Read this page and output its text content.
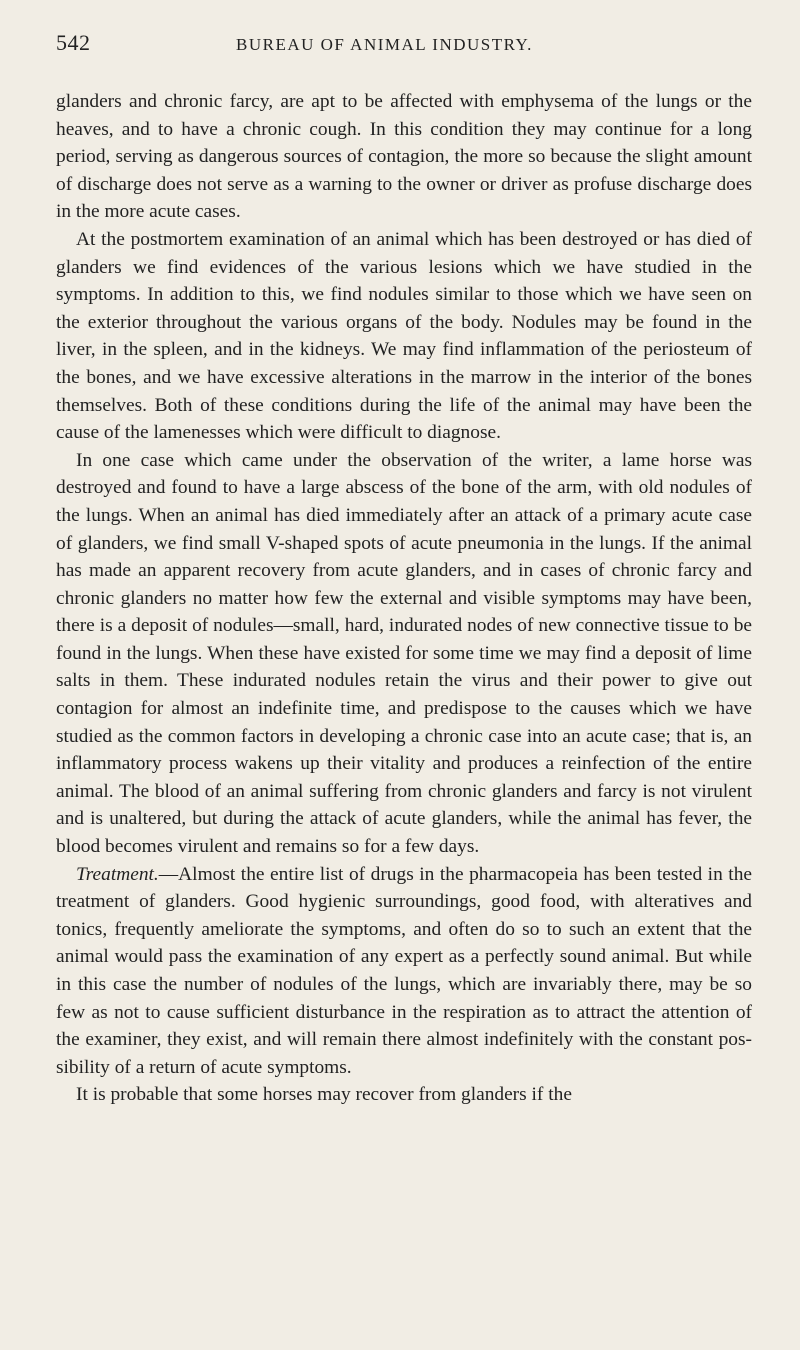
542	BUREAU OF ANIMAL INDUSTRY.

glanders and chronic farcy, are apt to be affected with emphysema of the lungs or the heaves, and to have a chronic cough. In this condition they may continue for a long period, serving as dangerous sources of contagion, the more so because the slight amount of discharge does not serve as a warning to the owner or driver as profuse discharge does in the more acute cases.

At the postmortem examination of an animal which has been destroyed or has died of glanders we find evidences of the various lesions which we have studied in the symptoms. In addition to this, we find nodules similar to those which we have seen on the exterior throughout the various organs of the body. Nodules may be found in the liver, in the spleen, and in the kidneys. We may find inflammation of the periosteum of the bones, and we have excessive alterations in the marrow in the interior of the bones themselves. Both of these conditions during the life of the animal may have been the cause of the lamenesses which were difficult to diagnose.

In one case which came under the observation of the writer, a lame horse was destroyed and found to have a large abscess of the bone of the arm, with old nodules of the lungs. When an animal has died immediately after an attack of a primary acute case of glanders, we find small V-shaped spots of acute pneumonia in the lungs. If the animal has made an apparent recovery from acute glanders, and in cases of chronic farcy and chronic glanders no matter how few the external and visible symptoms may have been, there is a deposit of nodules—small, hard, indurated nodes of new connective tissue to be found in the lungs. When these have existed for some time we may find a deposit of lime salts in them. These indurated nodules retain the virus and their power to give out contagion for almost an indefinite time, and predispose to the causes which we have studied as the common factors in developing a chronic case into an acute case; that is, an inflammatory process wakens up their vitality and produces a reinfection of the entire animal. The blood of an animal suffering from chronic glanders and farcy is not virulent and is unaltered, but during the attack of acute glanders, while the animal has fever, the blood becomes virulent and remains so for a few days.

Treatment.—Almost the entire list of drugs in the pharmacopeia has been tested in the treatment of glanders. Good hygienic surroundings, good food, with alteratives and tonics, frequently ameliorate the symptoms, and often do so to such an extent that the animal would pass the examination of any expert as a perfectly sound animal. But while in this case the number of nodules of the lungs, which are invariably there, may be so few as not to cause sufficient disturbance in the respiration as to attract the attention of the examiner, they exist, and will remain there almost indefinitely with the constant possibility of a return of acute symptoms.

It is probable that some horses may recover from glanders if the
